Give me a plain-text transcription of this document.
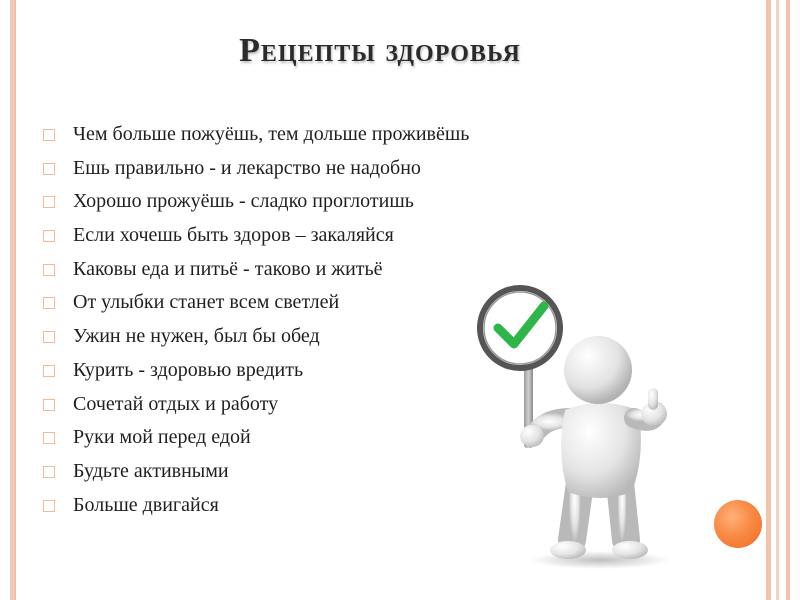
Рецепты здоровья
Чем больше пожуёшь, тем дольше проживёшь
Ешь правильно - и лекарство не надобно
Хорошо прожуёшь - сладко проглотишь
Если хочешь быть здоров – закаляйся
Каковы еда и питьё - таково и житьё
От улыбки станет всем светлей
Ужин не нужен, был бы обед
Курить - здоровью вредить
Сочетай отдых и работу
Руки мой перед едой
Будьте активными
Больше двигайся
